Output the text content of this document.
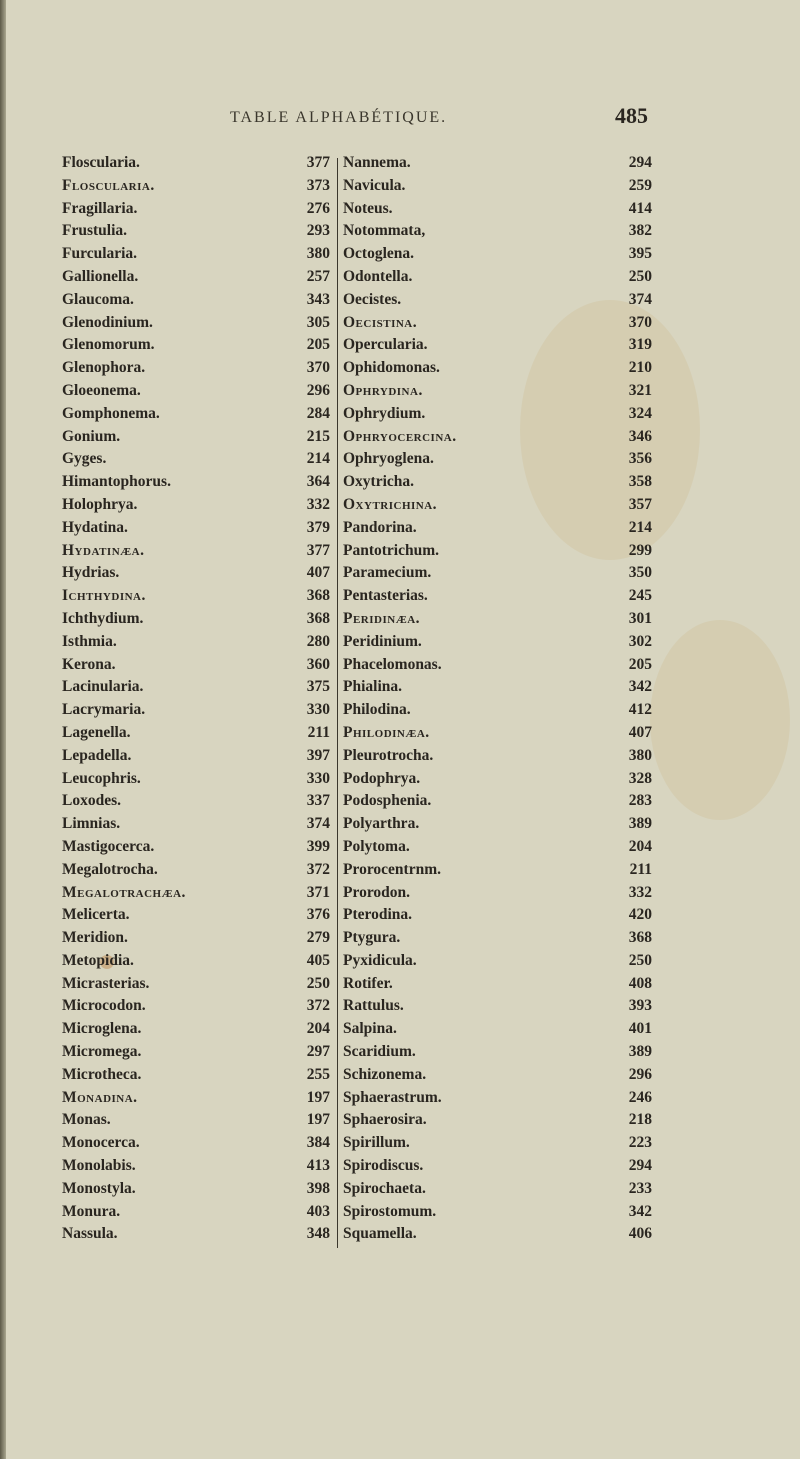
TABLE ALPHABÉTIQUE.	485
Floscularia.	377 Nannema.	294
Floscularia.	373 Navicula.	259
Fragillaria.	276 Noteus.	414
Frustulia.	293 Notommata,	382
Furcularia.	380 Octoglena.	395
Gallionella.	257 Odontella.	250
Glaucoma.	343 Oecistes.	374
Glenodinium.	305 Oecistina.	370
Glenomorum.	205 Opercularia.	319
Glenophora.	370 Ophidomonas.	210
Gloeonema.	296 Ophrydina.	321
Gomphonema.	284 Ophrydium.	324
Gonium.	215 Ophryocercina.	346
Gyges.	214 Ophryoglena.	356
Himantophorus.	364 Oxytricha.	358
Holophrya.	332 Oxytrichina.	357
Hydatina.	379 Pandorina.	214
Hydatinæa.	377 Pantotrichum.	299
Hydrias.	407 Paramecium.	350
Ichthydina.	368 Pentasterias.	245
Ichthydium.	368 Peridinæa.	301
Isthmia.	280 Peridinium.	302
Kerona.	360 Phacelomonas.	205
Lacinularia.	375 Phialina.	342
Lacrymaria.	330 Philodina.	412
Lagenella.	211 Philodinæa.	407
Lepadella.	397 Pleurotrocha.	380
Leucophris.	330 Podophrya.	328
Loxodes.	337 Podosphenia.	283
Limnias.	374 Polyarthra.	389
Mastigocerca.	399 Polytoma.	204
Megalotrocha.	372 Prorocentrnm.	211
Megalotrachæa.	371 Prorodon.	332
Melicerta.	376 Pterodina.	420
Meridion.	279 Ptygura.	368
Metopidia.	405 Pyxidicula.	250
Micrasterias.	250 Rotifer.	408
Microcodon.	372 Rattulus.	393
Microglena.	204 Salpina.	401
Micromega.	297 Scaridium.	389
Microtheca.	255 Schizonema.	296
Monadina.	197 Sphaerastrum.	246
Monas.	197 Sphaerosira.	218
Monocerca.	384 Spirillum.	223
Monolabis.	413 Spirodiscus.	294
Monostyla.	398 Spirochaeta.	233
Monura.	403 Spirostomum.	342
Nassula.	348 Squamella.	406
